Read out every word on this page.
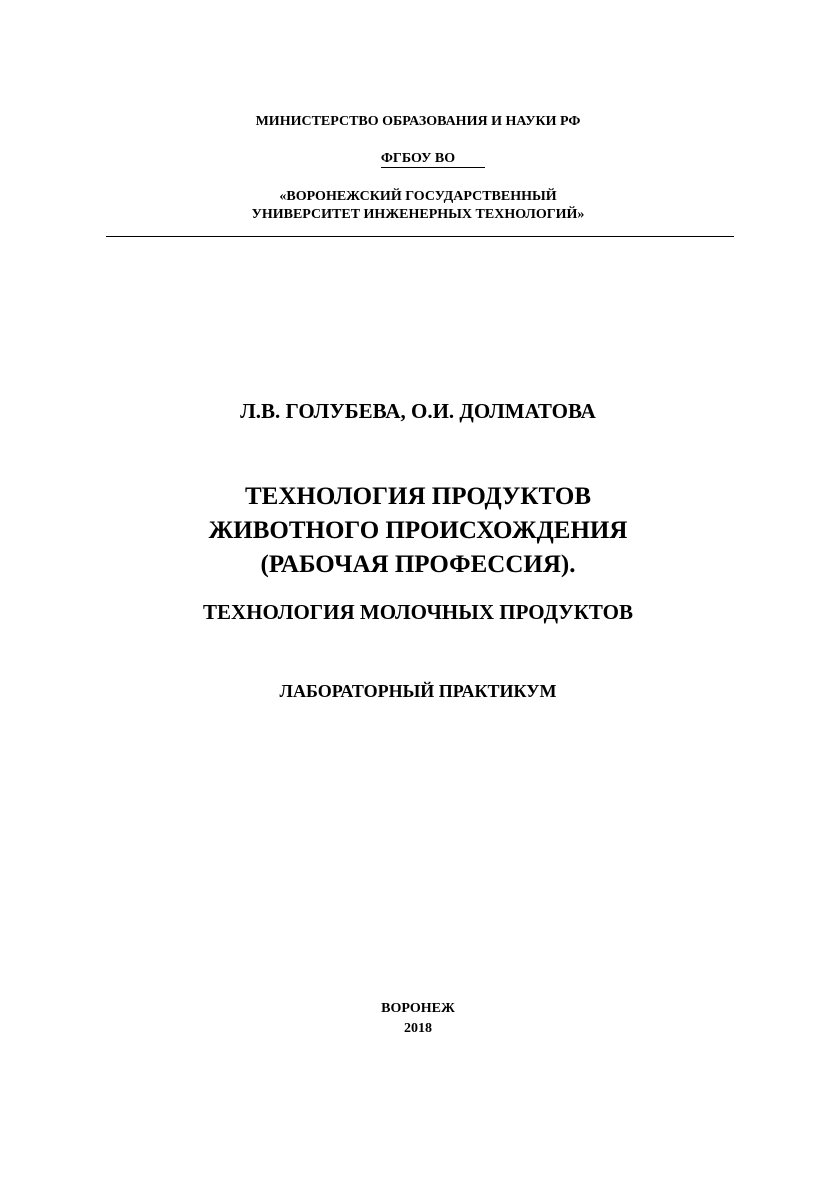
МИНИСТЕРСТВО ОБРАЗОВАНИЯ И НАУКИ РФ
ФГБОУ ВО
«ВОРОНЕЖСКИЙ ГОСУДАРСТВЕННЫЙ
УНИВЕРСИТЕТ ИНЖЕНЕРНЫХ ТЕХНОЛОГИЙ»
Л.В. ГОЛУБЕВА, О.И. ДОЛМАТОВА
ТЕХНОЛОГИЯ ПРОДУКТОВ
ЖИВОТНОГО ПРОИСХОЖДЕНИЯ
(РАБОЧАЯ ПРОФЕССИЯ).
ТЕХНОЛОГИЯ МОЛОЧНЫХ ПРОДУКТОВ
ЛАБОРАТОРНЫЙ ПРАКТИКУМ
ВОРОНЕЖ
2018
